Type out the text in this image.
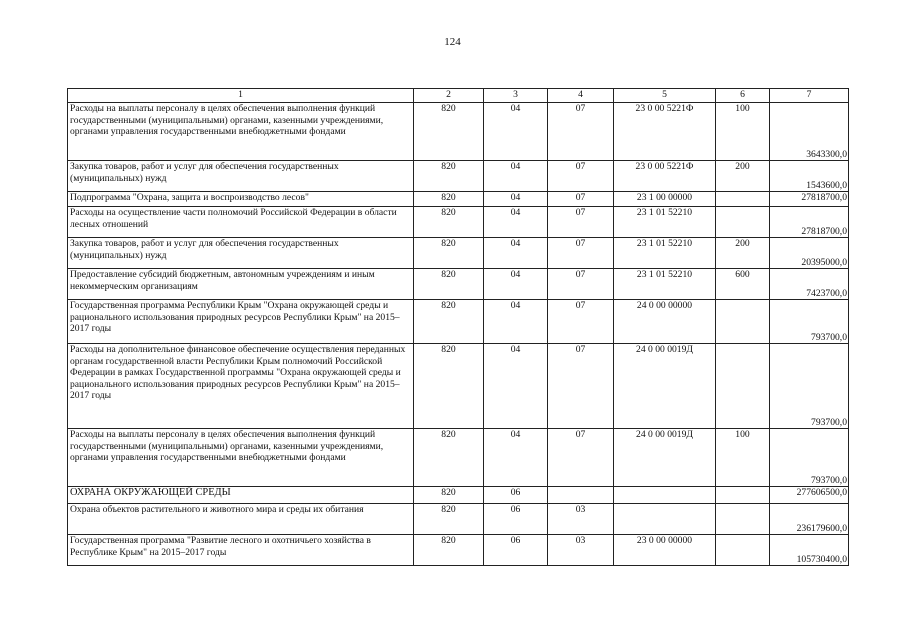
124
1	2	3	4	5	6	7
Расходы на выплаты персоналу в целях обеспечения выполнения функций государственными (муниципальными) органами, казенными учреждениями, органами управления государственными внебюджетными фондами	820	04	07	23 0 00 5221Ф	100	3643300,0
Закупка товаров, работ и услуг для обеспечения государственных (муниципальных) нужд	820	04	07	23 0 00 5221Ф	200	1543600,0
Подпрограмма "Охрана, защита и воспроизводство лесов"	820	04	07	23 1 00 00000		27818700,0
Расходы на осуществление части полномочий Российской Федерации в области лесных отношений	820	04	07	23 1 01 52210		27818700,0
Закупка товаров, работ и услуг для обеспечения государственных (муниципальных) нужд	820	04	07	23 1 01 52210	200	20395000,0
Предоставление субсидий бюджетным, автономным учреждениям и иным некоммерческим организациям	820	04	07	23 1 01 52210	600	7423700,0
Государственная программа Республики Крым "Охрана окружающей среды и рационального использования природных ресурсов Республики Крым" на 2015–2017 годы	820	04	07	24 0 00 00000		793700,0
Расходы на дополнительное финансовое обеспечение осуществления переданных органам государственной власти Республики Крым полномочий Российской Федерации в рамках Государственной программы "Охрана окружающей среды и рационального использования природных ресурсов Республики Крым" на 2015–2017 годы	820	04	07	24 0 00 0019Д		793700,0
Расходы на выплаты персоналу в целях обеспечения выполнения функций государственными (муниципальными) органами, казенными учреждениями, органами управления государственными внебюджетными фондами	820	04	07	24 0 00 0019Д	100	793700,0
ОХРАНА ОКРУЖАЮЩЕЙ СРЕДЫ	820	06				277606500,0
Охрана объектов растительного и животного мира и среды их обитания	820	06	03			236179600,0
Государственная программа "Развитие лесного и охотничьего хозяйства в Республике Крым" на 2015–2017 годы	820	06	03	23 0 00 00000		105730400,0
